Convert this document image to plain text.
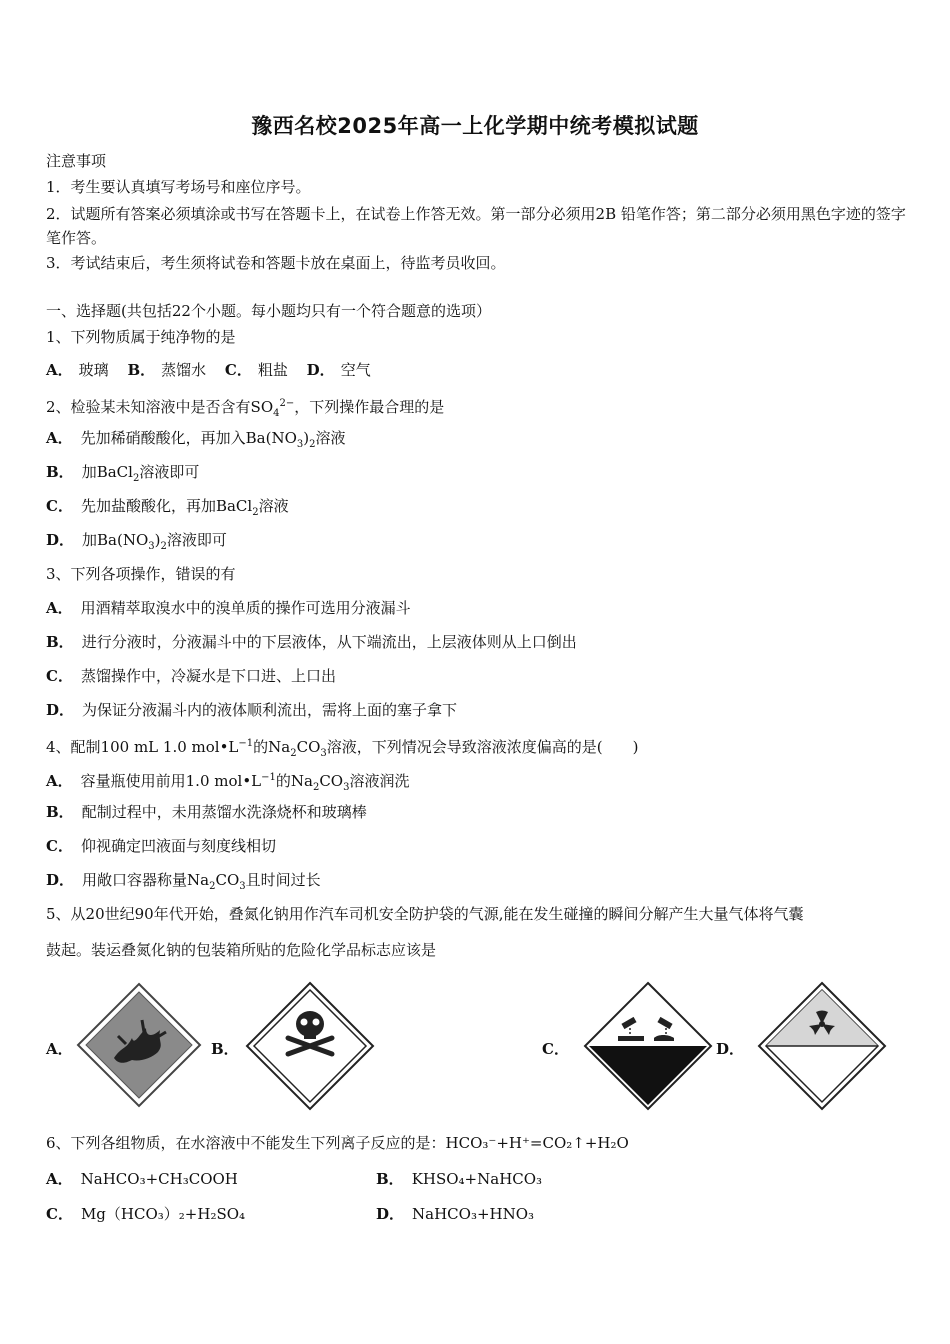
豫西名校2025年高一上化学期中统考模拟试题
注意事项
1．考生要认真填写考场号和座位序号。
2．试题所有答案必须填涂或书写在答题卡上，在试卷上作答无效。第一部分必须用2B 铅笔作答；第二部分必须用黑色字迹的签字笔作答。
3．考试结束后，考生须将试卷和答题卡放在桌面上，待监考员收回。
一、选择题(共包括22个小题。每小题均只有一个符合题意的选项）
1、下列物质属于纯净物的是
A． 玻璃 B． 蒸馏水 C． 粗盐 D． 空气
2、检验某未知溶液中是否含有$SO_4^{2-}$，下列操作最合理的是
A． 先加稀硝酸酸化，再加入$Ba(NO_3)_2$溶液
B． 加BaCl$_2$溶液即可
C． 先加盐酸酸化，再加BaCl$_2$溶液
D． 加$Ba(NO_3)_2$溶液即可
3、下列各项操作，错误的有
A． 用酒精萃取溴水中的溴单质的操作可选用分液漏斗
B． 进行分液时，分液漏斗中的下层液体，从下端流出，上层液体则从上口倒出
C． 蒸馏操作中，冷凝水是下口进、上口出
D． 为保证分液漏斗内的液体顺利流出，需将上面的塞子拿下
4、配制100 mL 1.0 $mol•L^{-1}$的$Na_2CO_3$溶液，下列情况会导致溶液浓度偏高的是(　　)
A． 容量瓶使用前用1.0 $mol•L^{-1}$的$Na_2CO_3$溶液润洗
B． 配制过程中，未用蒸馏水洗涤烧杯和玻璃棒
C． 仰视确定凹液面与刻度线相切
D． 用敞口容器称量$Na_2CO_3$且时间过长
5、从20世纪90年代开始，叠氮化钠用作汽车司机安全防护袋的气源,能在发生碰撞的瞬间分解产生大量气体将气囊
鼓起。装运叠氮化钠的包装箱所贴的危险化学品标志应该是
A．	B．	C．	D．
6、下列各组物质，在水溶液中不能发生下列离子反应的是：HCO₃⁻+H⁺=CO₂↑+H₂O
A． NaHCO₃+CH₃COOH	B． KHSO₄+NaHCO₃
C． Mg（HCO₃）₂+H₂SO₄	D． NaHCO₃+HNO₃
